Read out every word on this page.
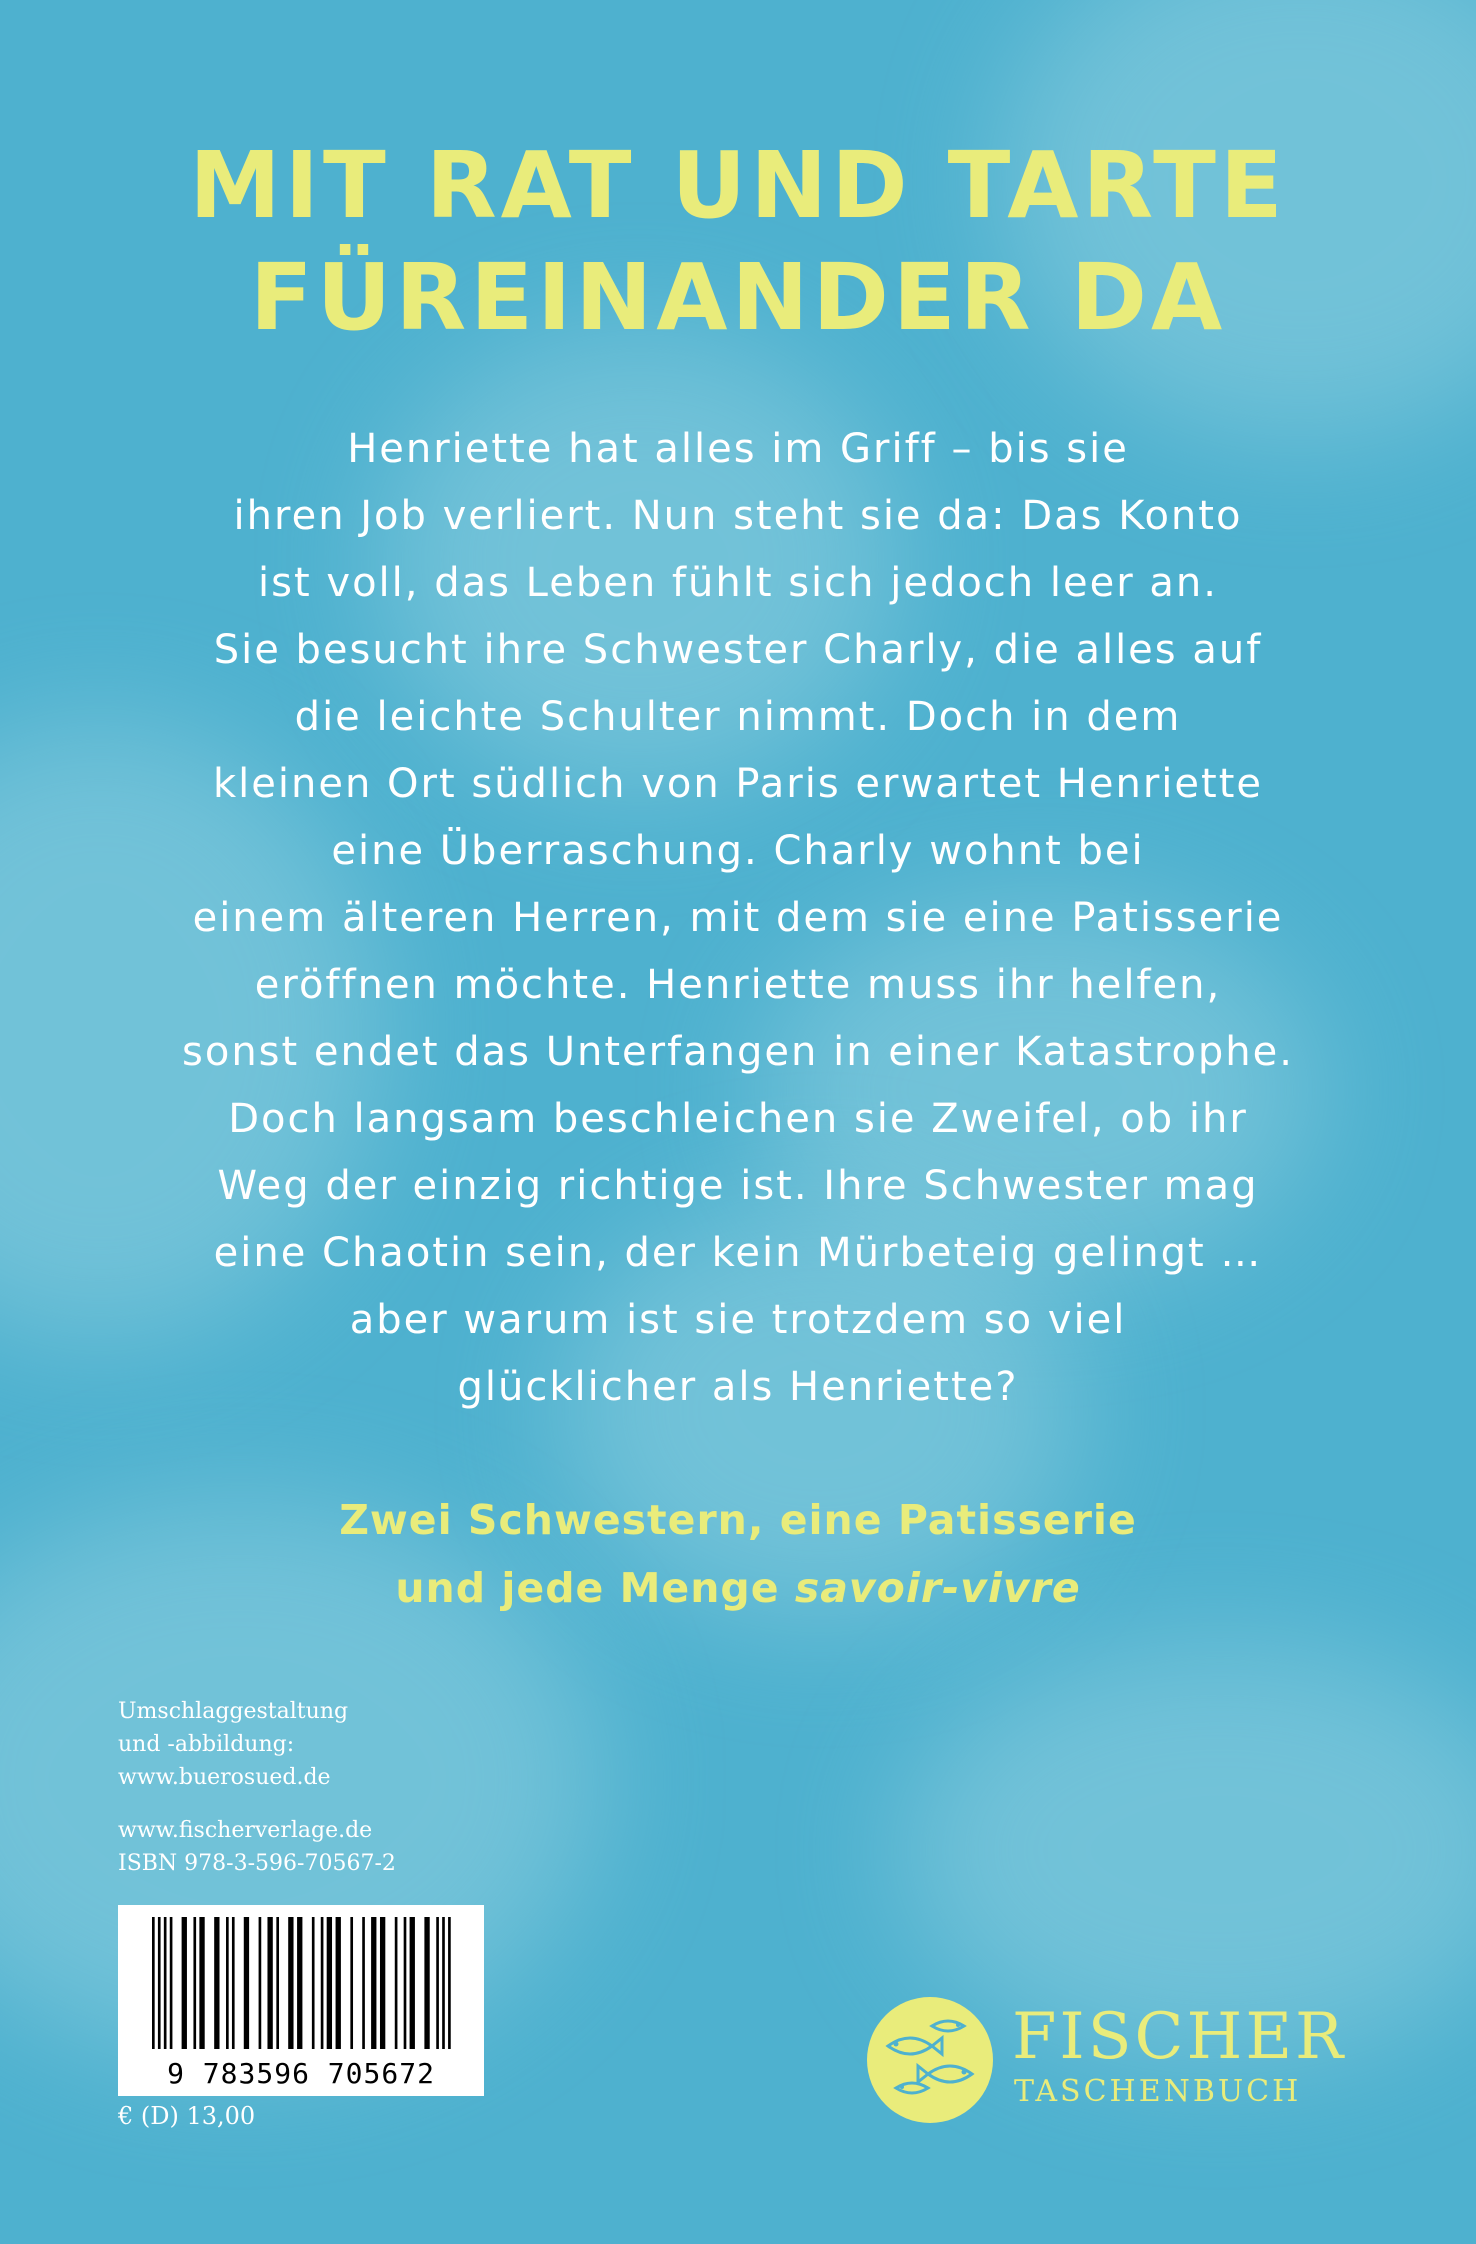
MIT RAT UND TARTE
FÜREINANDER DA
Henriette hat alles im Griff – bis sie
ihren Job verliert. Nun steht sie da: Das Konto
ist voll, das Leben fühlt sich jedoch leer an.
Sie besucht ihre Schwester Charly, die alles auf
die leichte Schulter nimmt. Doch in dem
kleinen Ort südlich von Paris erwartet Henriette
eine Überraschung. Charly wohnt bei
einem älteren Herren, mit dem sie eine Patisserie
eröffnen möchte. Henriette muss ihr helfen,
sonst endet das Unterfangen in einer Katastrophe.
Doch langsam beschleichen sie Zweifel, ob ihr
Weg der einzig richtige ist. Ihre Schwester mag
eine Chaotin sein, der kein Mürbeteig gelingt …
aber warum ist sie trotzdem so viel
glücklicher als Henriette?
Zwei Schwestern, eine Patisserie
und jede Menge savoir-vivre
Umschlaggestaltung
und -abbildung:
www.buerosued.de
www.fischerverlage.de
ISBN 978-3-596-70567-2
9 783596 705672
€ (D) 13,00
FISCHER
TASCHENBUCH
